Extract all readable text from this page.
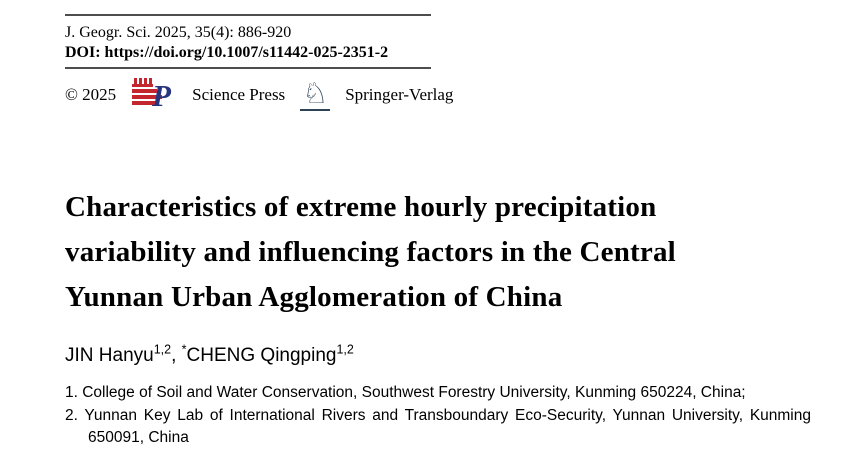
J. Geogr. Sci. 2025, 35(4): 886-920
DOI: https://doi.org/10.1007/s11442-025-2351-2
© 2025 P Science Press ♘ Springer-Verlag
Characteristics of extreme hourly precipitation
variability and influencing factors in the Central
Yunnan Urban Agglomeration of China
JIN Hanyu$^{1,2}$, *CHENG Qingping$^{1,2}$
1. College of Soil and Water Conservation, Southwest Forestry University, Kunming 650224, China;
2. Yunnan Key Lab of International Rivers and Transboundary Eco-Security, Yunnan University, Kunming 650091, China
